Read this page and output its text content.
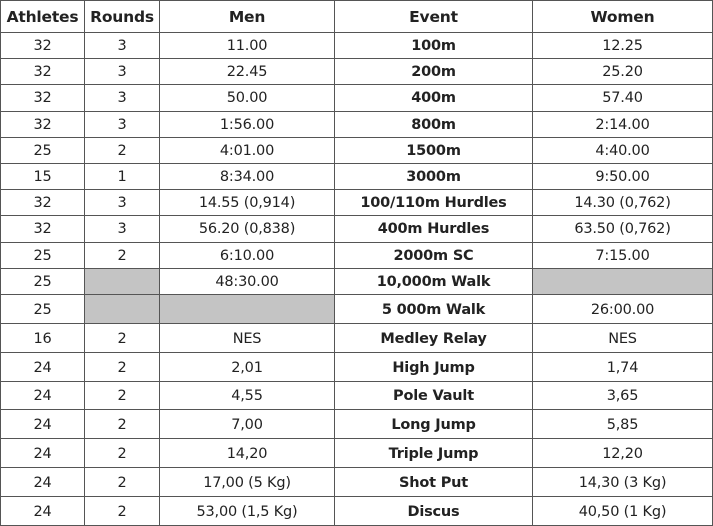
Athletes	Rounds	Men	Event	Women
32	3	11.00	100m	12.25
32	3	22.45	200m	25.20
32	3	50.00	400m	57.40
32	3	1:56.00	800m	2:14.00
25	2	4:01.00	1500m	4:40.00
15	1	8:34.00	3000m	9:50.00
32	3	14.55 (0,914)	100/110m Hurdles	14.30 (0,762)
32	3	56.20 (0,838)	400m Hurdles	63.50 (0,762)
25	2	6:10.00	2000m SC	7:15.00
25		48:30.00	10,000m Walk	
25			5 000m Walk	26:00.00
16	2	NES	Medley Relay	NES
24	2	2,01	High Jump	1,74
24	2	4,55	Pole Vault	3,65
24	2	7,00	Long Jump	5,85
24	2	14,20	Triple Jump	12,20
24	2	17,00 (5 Kg)	Shot Put	14,30 (3 Kg)
24	2	53,00 (1,5 Kg)	Discus	40,50 (1 Kg)
